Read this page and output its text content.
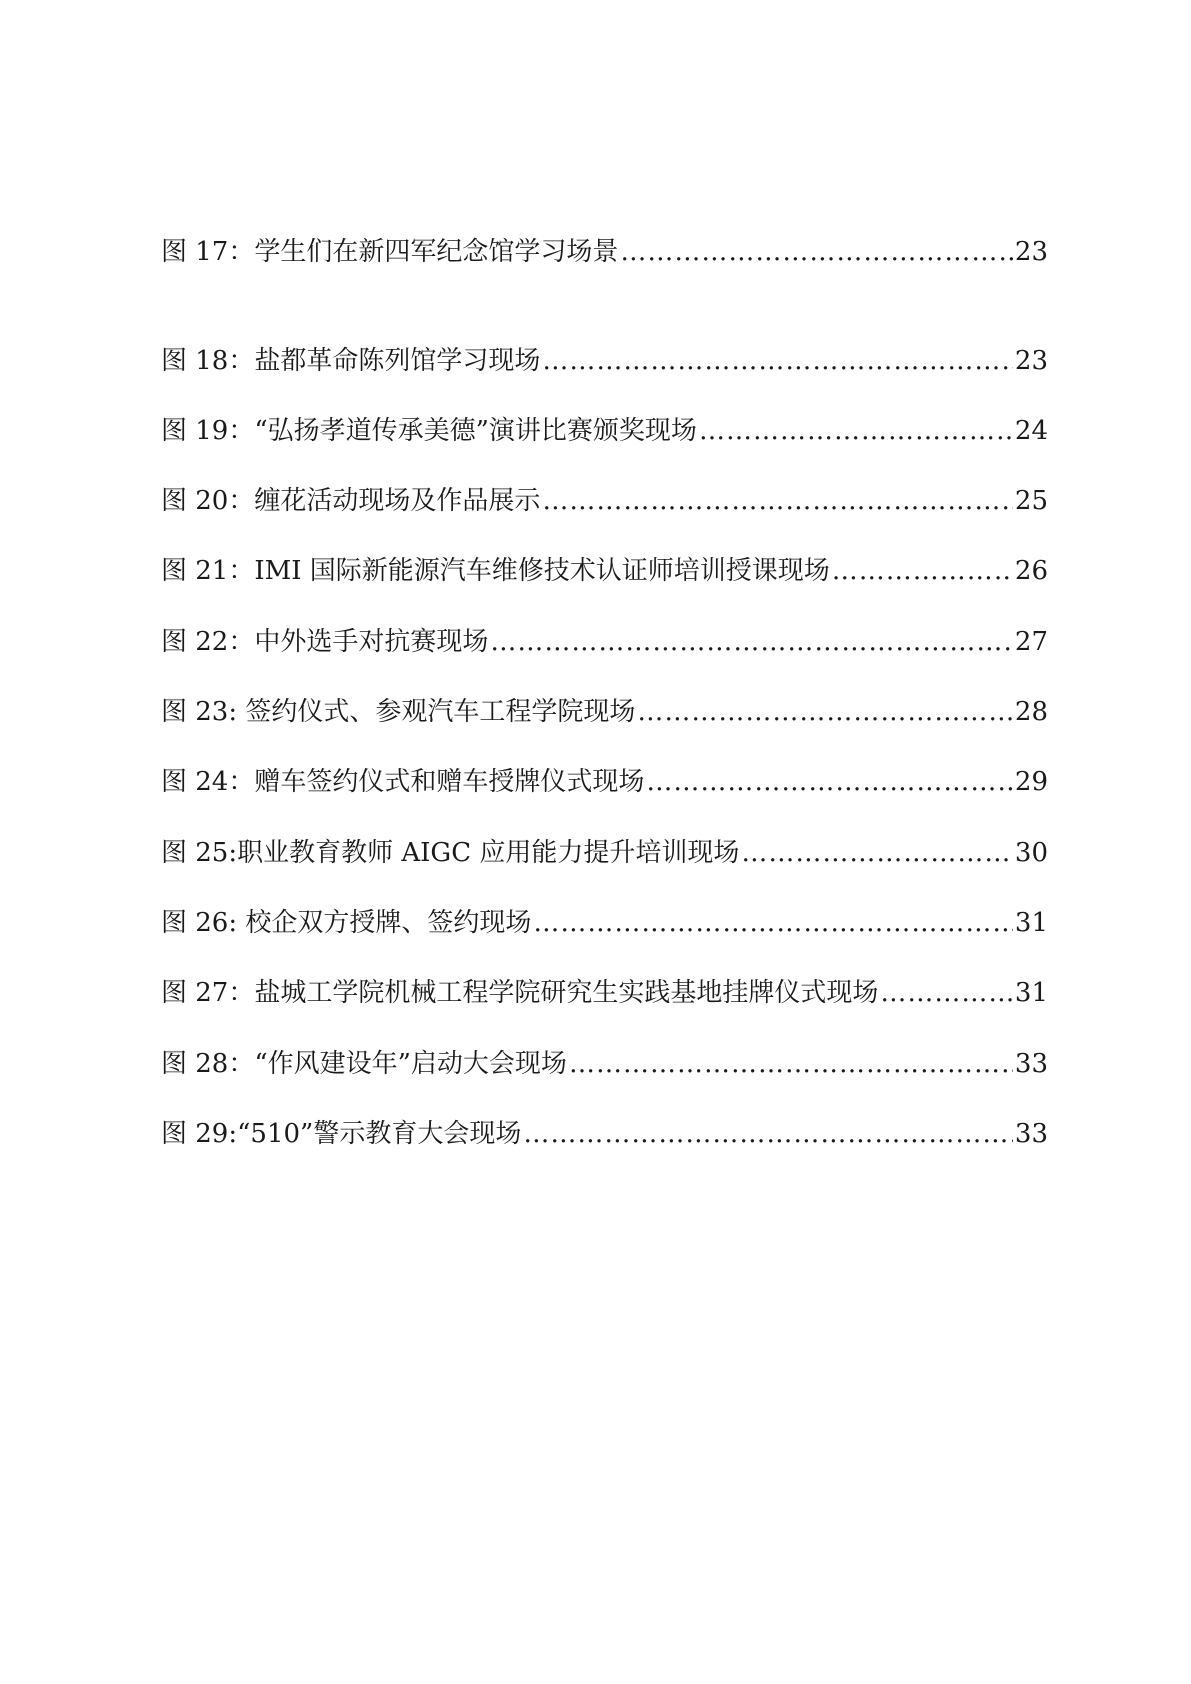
图 17：学生们在新四军纪念馆学习场景 …………………………………………………………………………………………………………………………	23
图 18：盐都革命陈列馆学习现场 …………………………………………………………………………………………………………………………	23
图 19：“弘扬孝道传承美德”演讲比赛颁奖现场 …………………………………………………………………………………………………………………………	24
图 20：缠花活动现场及作品展示 …………………………………………………………………………………………………………………………	25
图 21：IMI 国际新能源汽车维修技术认证师培训授课现场 …………………………………………………………………………………………………………………………	26
图 22：中外选手对抗赛现场 …………………………………………………………………………………………………………………………	27
图 23: 签约仪式、参观汽车工程学院现场 …………………………………………………………………………………………………………………………	28
图 24：赠车签约仪式和赠车授牌仪式现场 …………………………………………………………………………………………………………………………	29
图 25:职业教育教师 AIGC 应用能力提升培训现场 …………………………………………………………………………………………………………………………	30
图 26: 校企双方授牌、签约现场 …………………………………………………………………………………………………………………………	31
图 27：盐城工学院机械工程学院研究生实践基地挂牌仪式现场 …………………………………………………………………………………………………………………………	31
图 28：“作风建设年”启动大会现场 …………………………………………………………………………………………………………………………	33
图 29:“510”警示教育大会现场 …………………………………………………………………………………………………………………………	33
